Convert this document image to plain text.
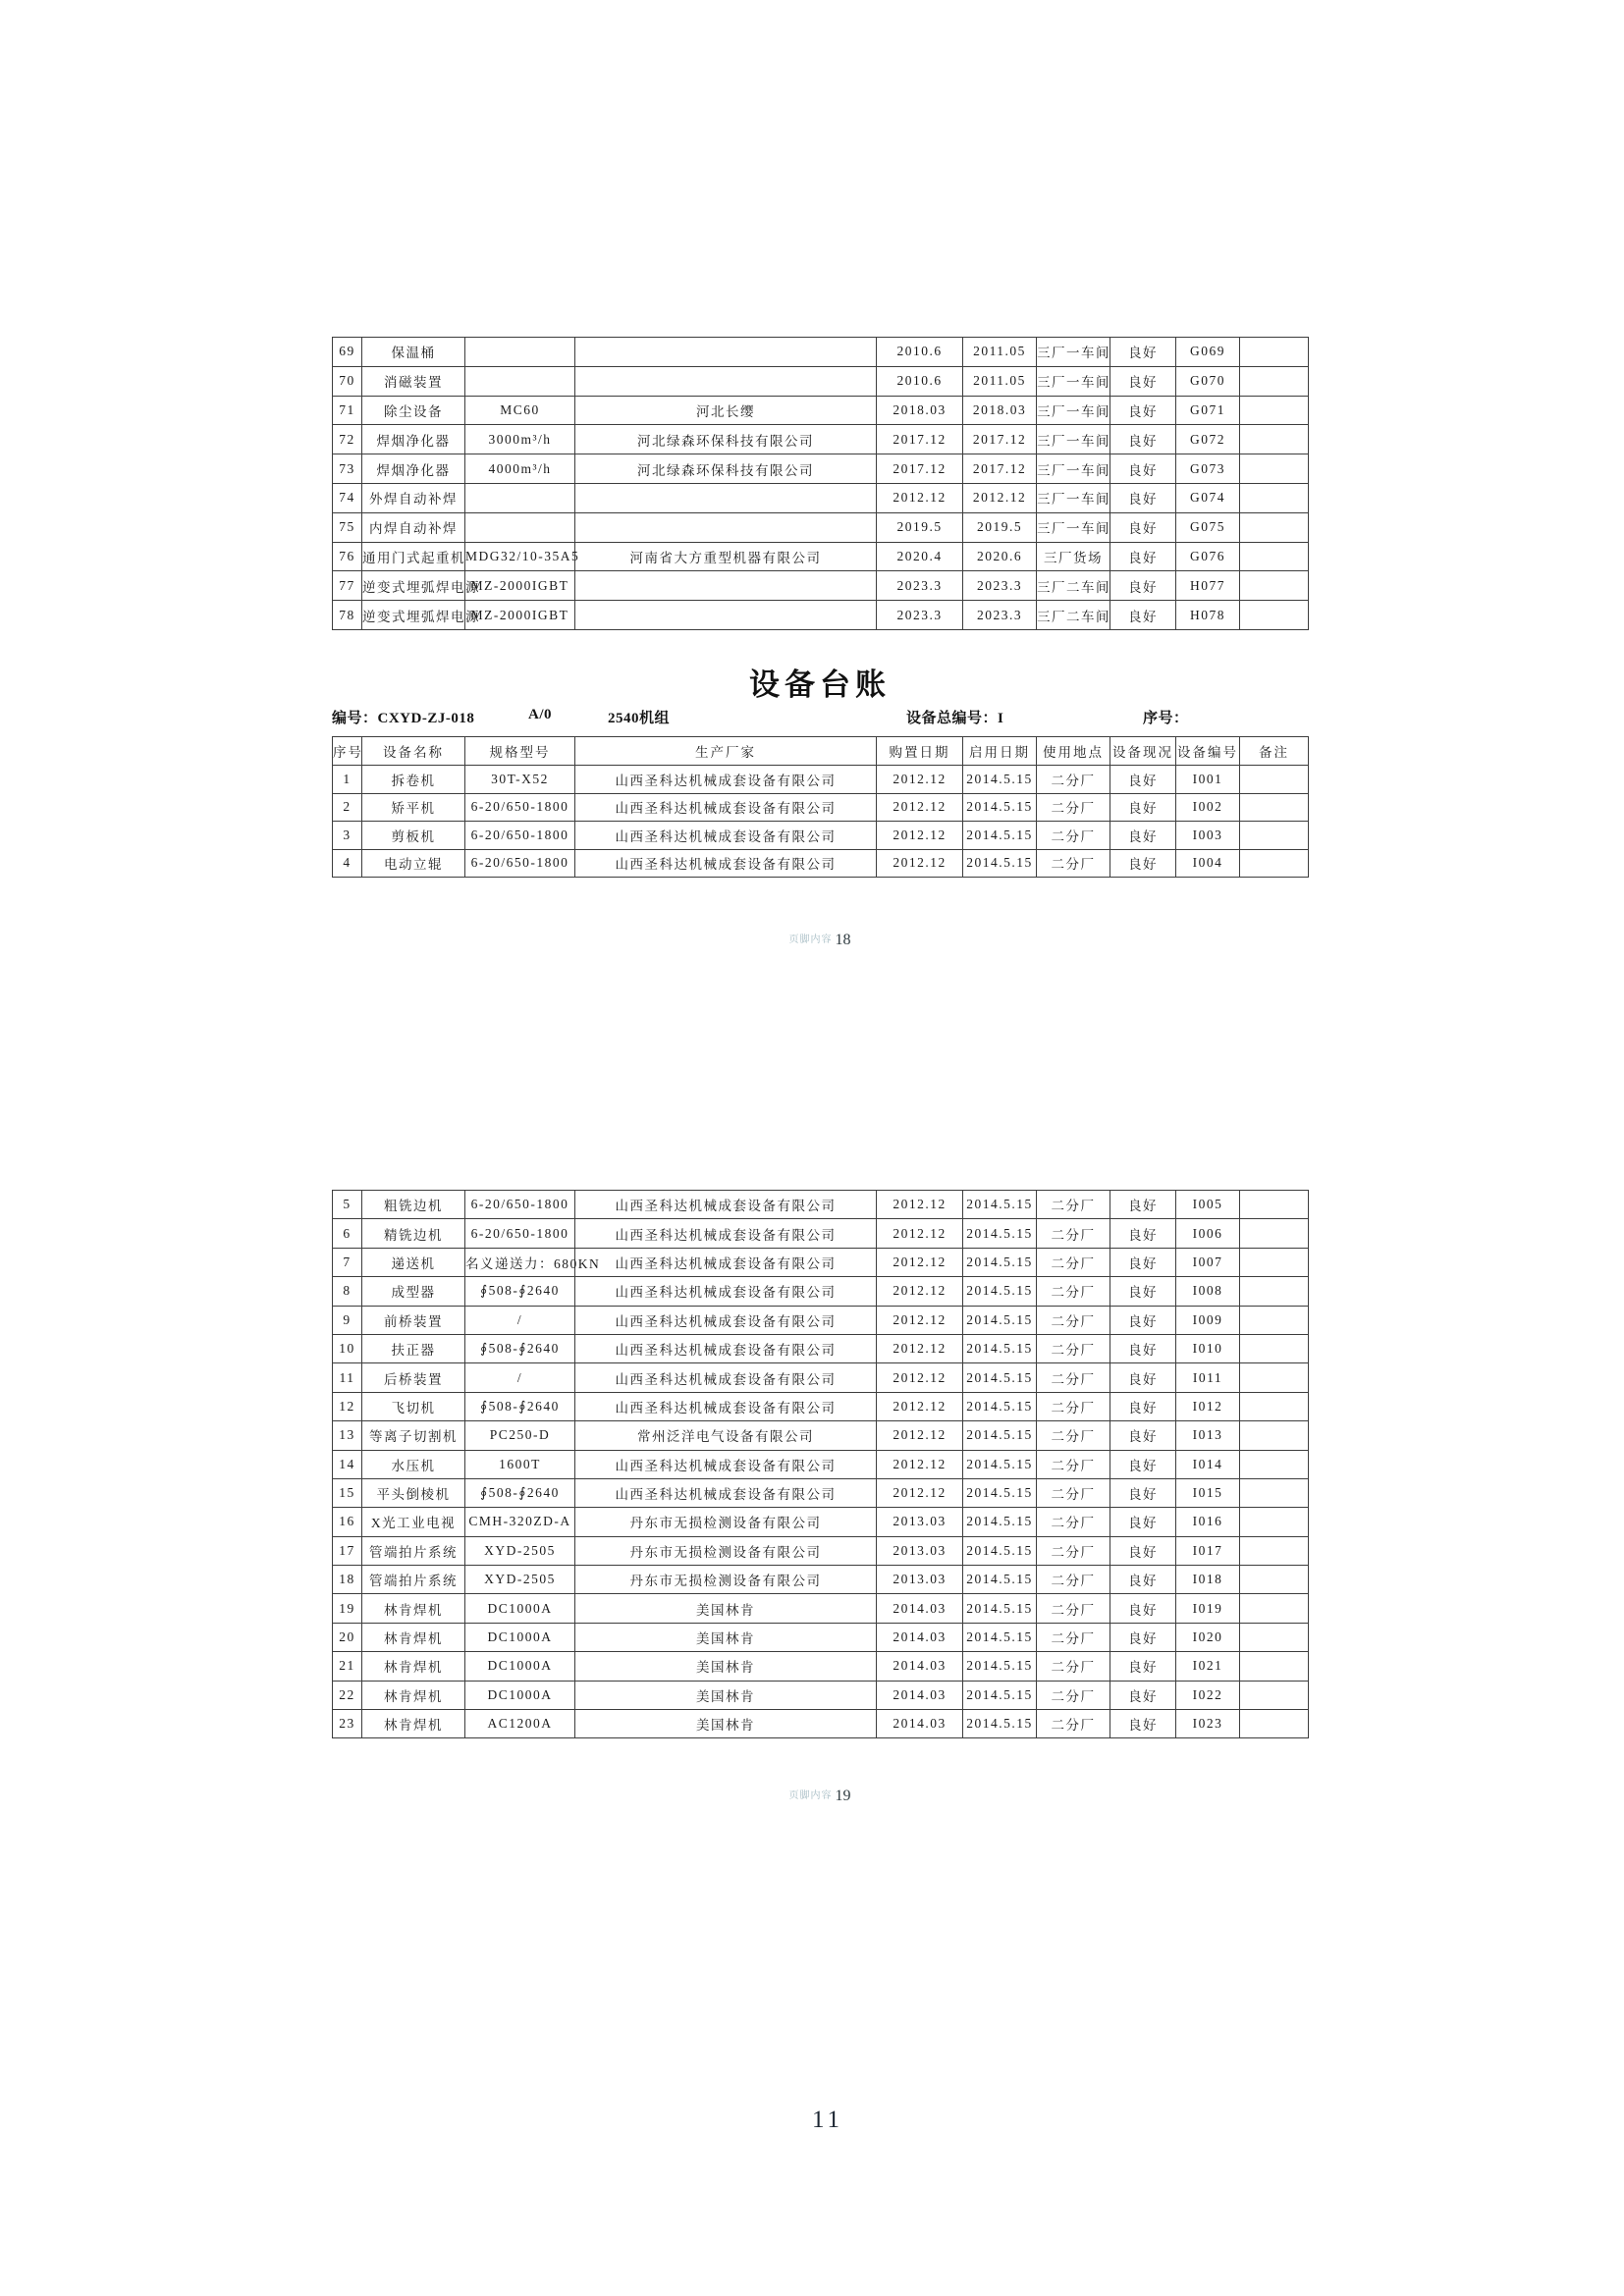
69	保温桶			2010.6	2011.05	三厂一车间	良好	G069	
70	消磁装置			2010.6	2011.05	三厂一车间	良好	G070	
71	除尘设备	MC60	河北长缨	2018.03	2018.03	三厂一车间	良好	G071	
72	焊烟净化器	3000m³/h	河北绿森环保科技有限公司	2017.12	2017.12	三厂一车间	良好	G072	
73	焊烟净化器	4000m³/h	河北绿森环保科技有限公司	2017.12	2017.12	三厂一车间	良好	G073	
74	外焊自动补焊			2012.12	2012.12	三厂一车间	良好	G074	
75	内焊自动补焊			2019.5	2019.5	三厂一车间	良好	G075	
76	通用门式起重机	MDG32/10-35A5	河南省大方重型机器有限公司	2020.4	2020.6	三厂货场	良好	G076	
77	逆变式埋弧焊电源	MZ-2000IGBT		2023.3	2023.3	三厂二车间	良好	H077	
78	逆变式埋弧焊电源	MZ-2000IGBT		2023.3	2023.3	三厂二车间	良好	H078	
设备台账
编号：CXYD-ZJ-018	A/0	2540机组	设备总编号：I	序号：
序号	设备名称	规格型号	生产厂家	购置日期	启用日期	使用地点	设备现况	设备编号	备注
1	拆卷机	30T-X52	山西圣科达机械成套设备有限公司	2012.12	2014.5.15	二分厂	良好	I001	
2	矫平机	6-20/650-1800	山西圣科达机械成套设备有限公司	2012.12	2014.5.15	二分厂	良好	I002	
3	剪板机	6-20/650-1800	山西圣科达机械成套设备有限公司	2012.12	2014.5.15	二分厂	良好	I003	
4	电动立辊	6-20/650-1800	山西圣科达机械成套设备有限公司	2012.12	2014.5.15	二分厂	良好	I004	
页脚内容 18
5	粗铣边机	6-20/650-1800	山西圣科达机械成套设备有限公司	2012.12	2014.5.15	二分厂	良好	I005	
6	精铣边机	6-20/650-1800	山西圣科达机械成套设备有限公司	2012.12	2014.5.15	二分厂	良好	I006	
7	递送机	名义递送力：680KN	山西圣科达机械成套设备有限公司	2012.12	2014.5.15	二分厂	良好	I007	
8	成型器	∮508-∮2640	山西圣科达机械成套设备有限公司	2012.12	2014.5.15	二分厂	良好	I008	
9	前桥装置	/	山西圣科达机械成套设备有限公司	2012.12	2014.5.15	二分厂	良好	I009	
10	扶正器	∮508-∮2640	山西圣科达机械成套设备有限公司	2012.12	2014.5.15	二分厂	良好	I010	
11	后桥装置	/	山西圣科达机械成套设备有限公司	2012.12	2014.5.15	二分厂	良好	I011	
12	飞切机	∮508-∮2640	山西圣科达机械成套设备有限公司	2012.12	2014.5.15	二分厂	良好	I012	
13	等离子切割机	PC250-D	常州泛洋电气设备有限公司	2012.12	2014.5.15	二分厂	良好	I013	
14	水压机	1600T	山西圣科达机械成套设备有限公司	2012.12	2014.5.15	二分厂	良好	I014	
15	平头倒棱机	∮508-∮2640	山西圣科达机械成套设备有限公司	2012.12	2014.5.15	二分厂	良好	I015	
16	X光工业电视	CMH-320ZD-A	丹东市无损检测设备有限公司	2013.03	2014.5.15	二分厂	良好	I016	
17	管端拍片系统	XYD-2505	丹东市无损检测设备有限公司	2013.03	2014.5.15	二分厂	良好	I017	
18	管端拍片系统	XYD-2505	丹东市无损检测设备有限公司	2013.03	2014.5.15	二分厂	良好	I018	
19	林肯焊机	DC1000A	美国林肯	2014.03	2014.5.15	二分厂	良好	I019	
20	林肯焊机	DC1000A	美国林肯	2014.03	2014.5.15	二分厂	良好	I020	
21	林肯焊机	DC1000A	美国林肯	2014.03	2014.5.15	二分厂	良好	I021	
22	林肯焊机	DC1000A	美国林肯	2014.03	2014.5.15	二分厂	良好	I022	
23	林肯焊机	AC1200A	美国林肯	2014.03	2014.5.15	二分厂	良好	I023	
页脚内容 19
11
